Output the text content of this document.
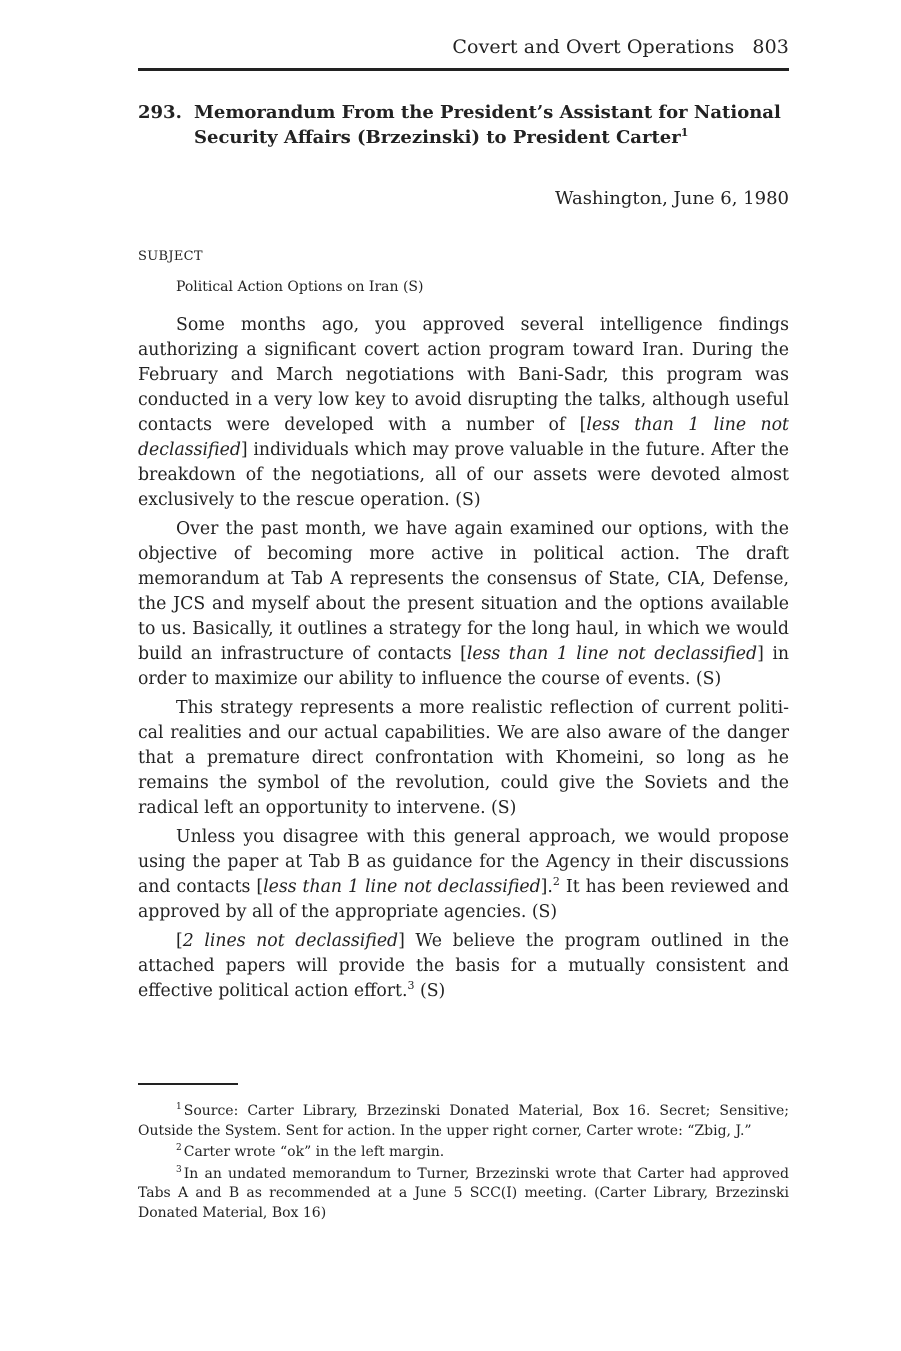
Covert and Overt Operations 803
293. Memorandum From the President’s Assistant for National Security Affairs (Brzezinski) to President Carter$^1$
Washington, June 6, 1980
SUBJECT
Political Action Options on Iran (S)

Some months ago, you approved several intelligence findings authorizing a significant covert action program toward Iran. During the February and March negotiations with Bani-Sadr, this program was conducted in a very low key to avoid disrupting the talks, although useful contacts were developed with a number of [less than 1 line not declassified] individuals which may prove valuable in the future. After the breakdown of the negotiations, all of our assets were devoted almost exclusively to the rescue operation. (S)

Over the past month, we have again examined our options, with the objective of becoming more active in political action. The draft memorandum at Tab A represents the consensus of State, CIA, Defense, the JCS and myself about the present situation and the options available to us. Basically, it outlines a strategy for the long haul, in which we would build an infrastructure of contacts [less than 1 line not declassified] in order to maximize our ability to influence the course of events. (S)

This strategy represents a more realistic reflection of current political realities and our actual capabilities. We are also aware of the danger that a premature direct confrontation with Khomeini, so long as he remains the symbol of the revolution, could give the Soviets and the radical left an opportunity to intervene. (S)

Unless you disagree with this general approach, we would propose using the paper at Tab B as guidance for the Agency in their discussions and contacts [less than 1 line not declassified].$^2$ It has been reviewed and approved by all of the appropriate agencies. (S)

[2 lines not declassified] We believe the program outlined in the attached papers will provide the basis for a mutually consistent and effective political action effort.$^3$ (S)

$^1$ Source: Carter Library, Brzezinski Donated Material, Box 16. Secret; Sensitive; Outside the System. Sent for action. In the upper right corner, Carter wrote: “Zbig, J.”

$^2$ Carter wrote “ok” in the left margin.

$^3$ In an undated memorandum to Turner, Brzezinski wrote that Carter had approved Tabs A and B as recommended at a June 5 SCC(I) meeting. (Carter Library, Brzezinski Donated Material, Box 16)
